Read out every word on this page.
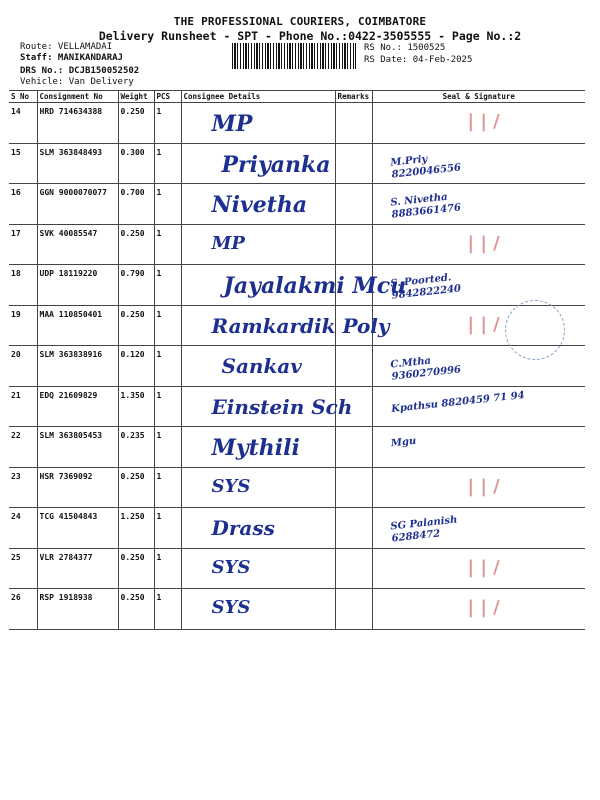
THE PROFESSIONAL COURIERS, COIMBATORE
Delivery Runsheet - SPT - Phone No.:0422-3505555 - Page No.:2
Route: VELLAMADAI
Staff: MANIKANDARAJ
DRS No.: DCJB150052502
Vehicle: Van Delivery
RS No.: 1500525
RS Date: 04-Feb-2025
S No	Consignment No	Weight	PCS	Consignee Details	Remarks	Seal & Signature
14	HRD 714634388	0.250	1	MP		| | /

15	SLM 363848493	0.300	1	Priyanka		M.Priy
8220046556

16	GGN 9000070077	0.700	1	Nivetha		S. Nivetha
8883661476

17	SVK 40085547	0.250	1	MP		| | /

18	UDP 18119220	0.790	1	Jayalakmi Mcu		S. Poorted.
9842822240

19	MAA 110850401	0.250	1	Ramkardik Poly		| | /

20	SLM 363838916	0.120	1	Sankav		C.Mtha
9360270996

21	EDQ 21609829	1.350	1	Einstein Sch		Kpathsu 8820459 71 94

22	SLM 363805453	0.235	1	Mythili		Mgu

23	HSR 7369092	0.250	1	SYS		| | /

24	TCG 41504843	1.250	1	Drass		SG Palanish
6288472

25	VLR 2784377	0.250	1	SYS		| | /

26	RSP 1918938	0.250	1	SYS		| | /
